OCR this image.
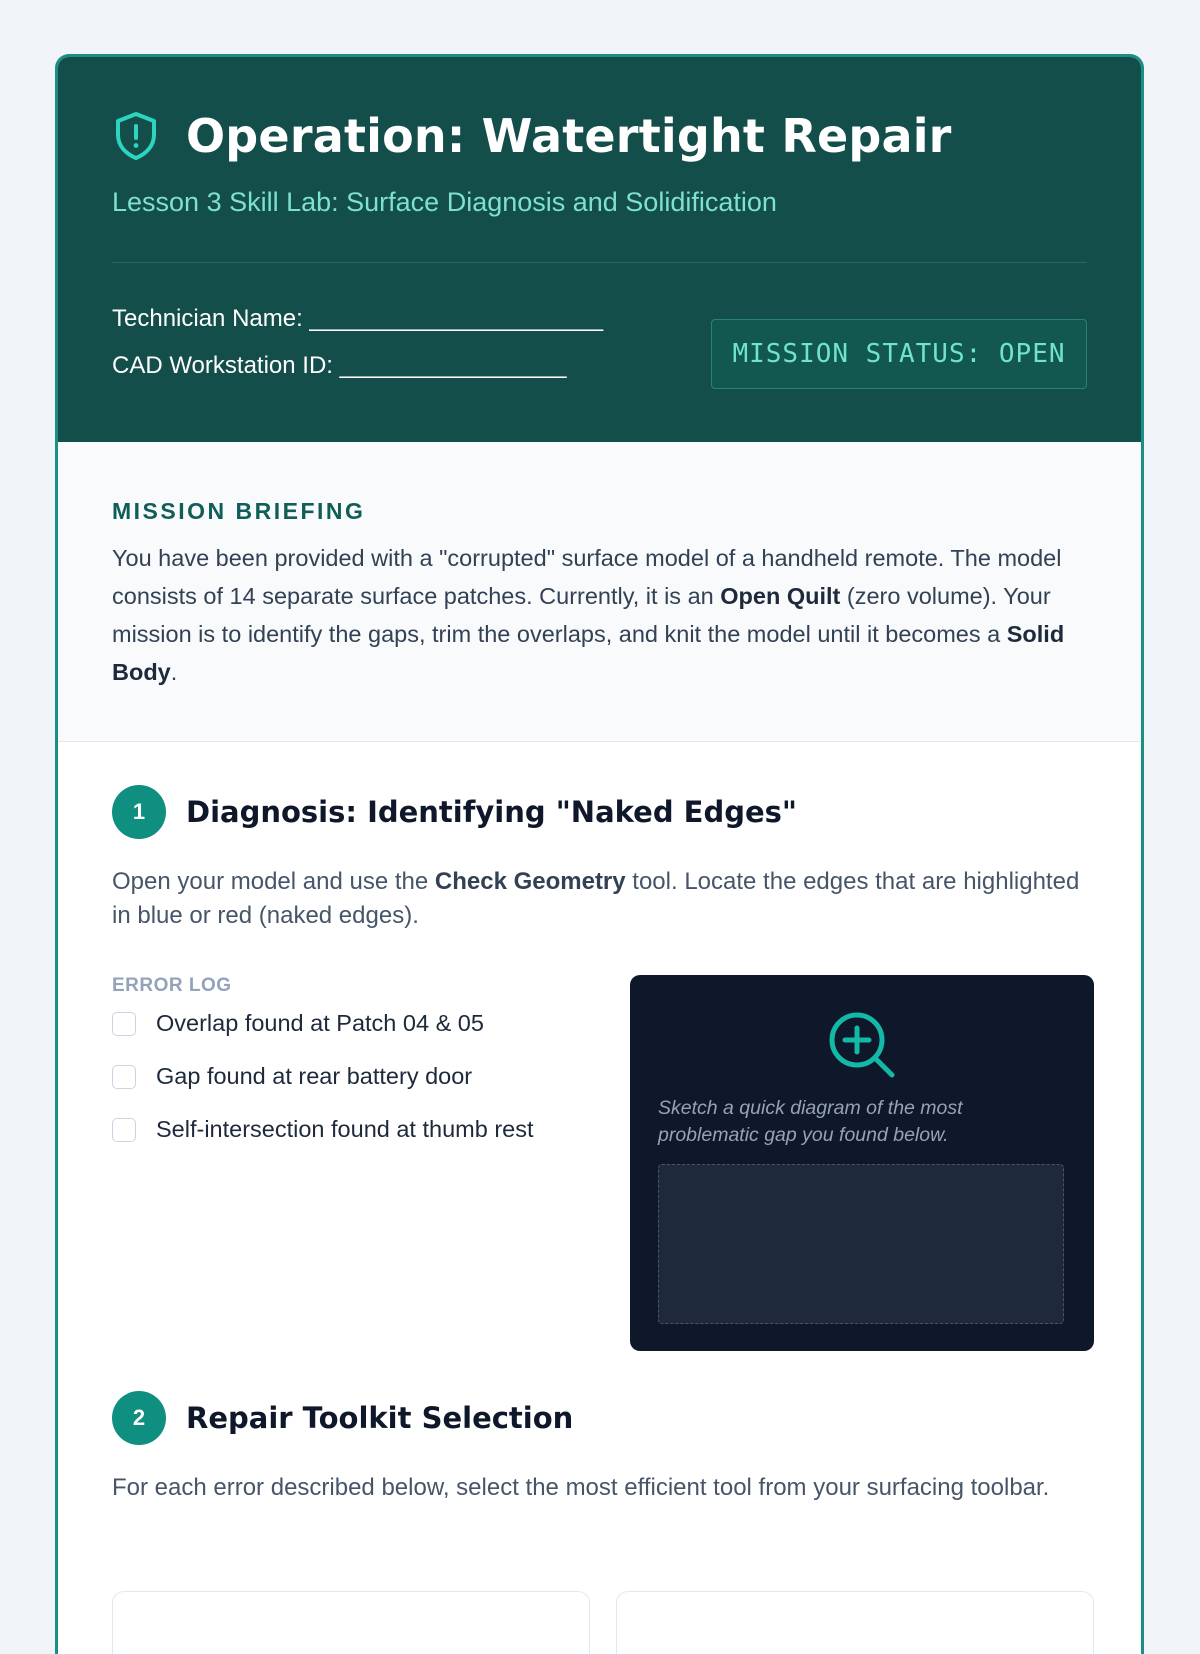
Operation: Watertight Repair
Lesson 3 Skill Lab: Surface Diagnosis and Solidification
Technician Name: ______________________
CAD Workstation ID: _________________	MISSION STATUS: OPEN
MISSION BRIEFING
You have been provided with a "corrupted" surface model of a handheld remote. The model consists of 14 separate surface patches. Currently, it is an Open Quilt (zero volume). Your mission is to identify the gaps, trim the overlaps, and knit the model until it becomes a Solid Body.
1	Diagnosis: Identifying "Naked Edges"
Open your model and use the Check Geometry tool. Locate the edges that are highlighted in blue or red (naked edges).
ERROR LOG
Overlap found at Patch 04 & 05
Gap found at rear battery door
Self-intersection found at thumb rest
Sketch a quick diagram of the most problematic gap you found below.
2	Repair Toolkit Selection
For each error described below, select the most efficient tool from your surfacing toolbar.
